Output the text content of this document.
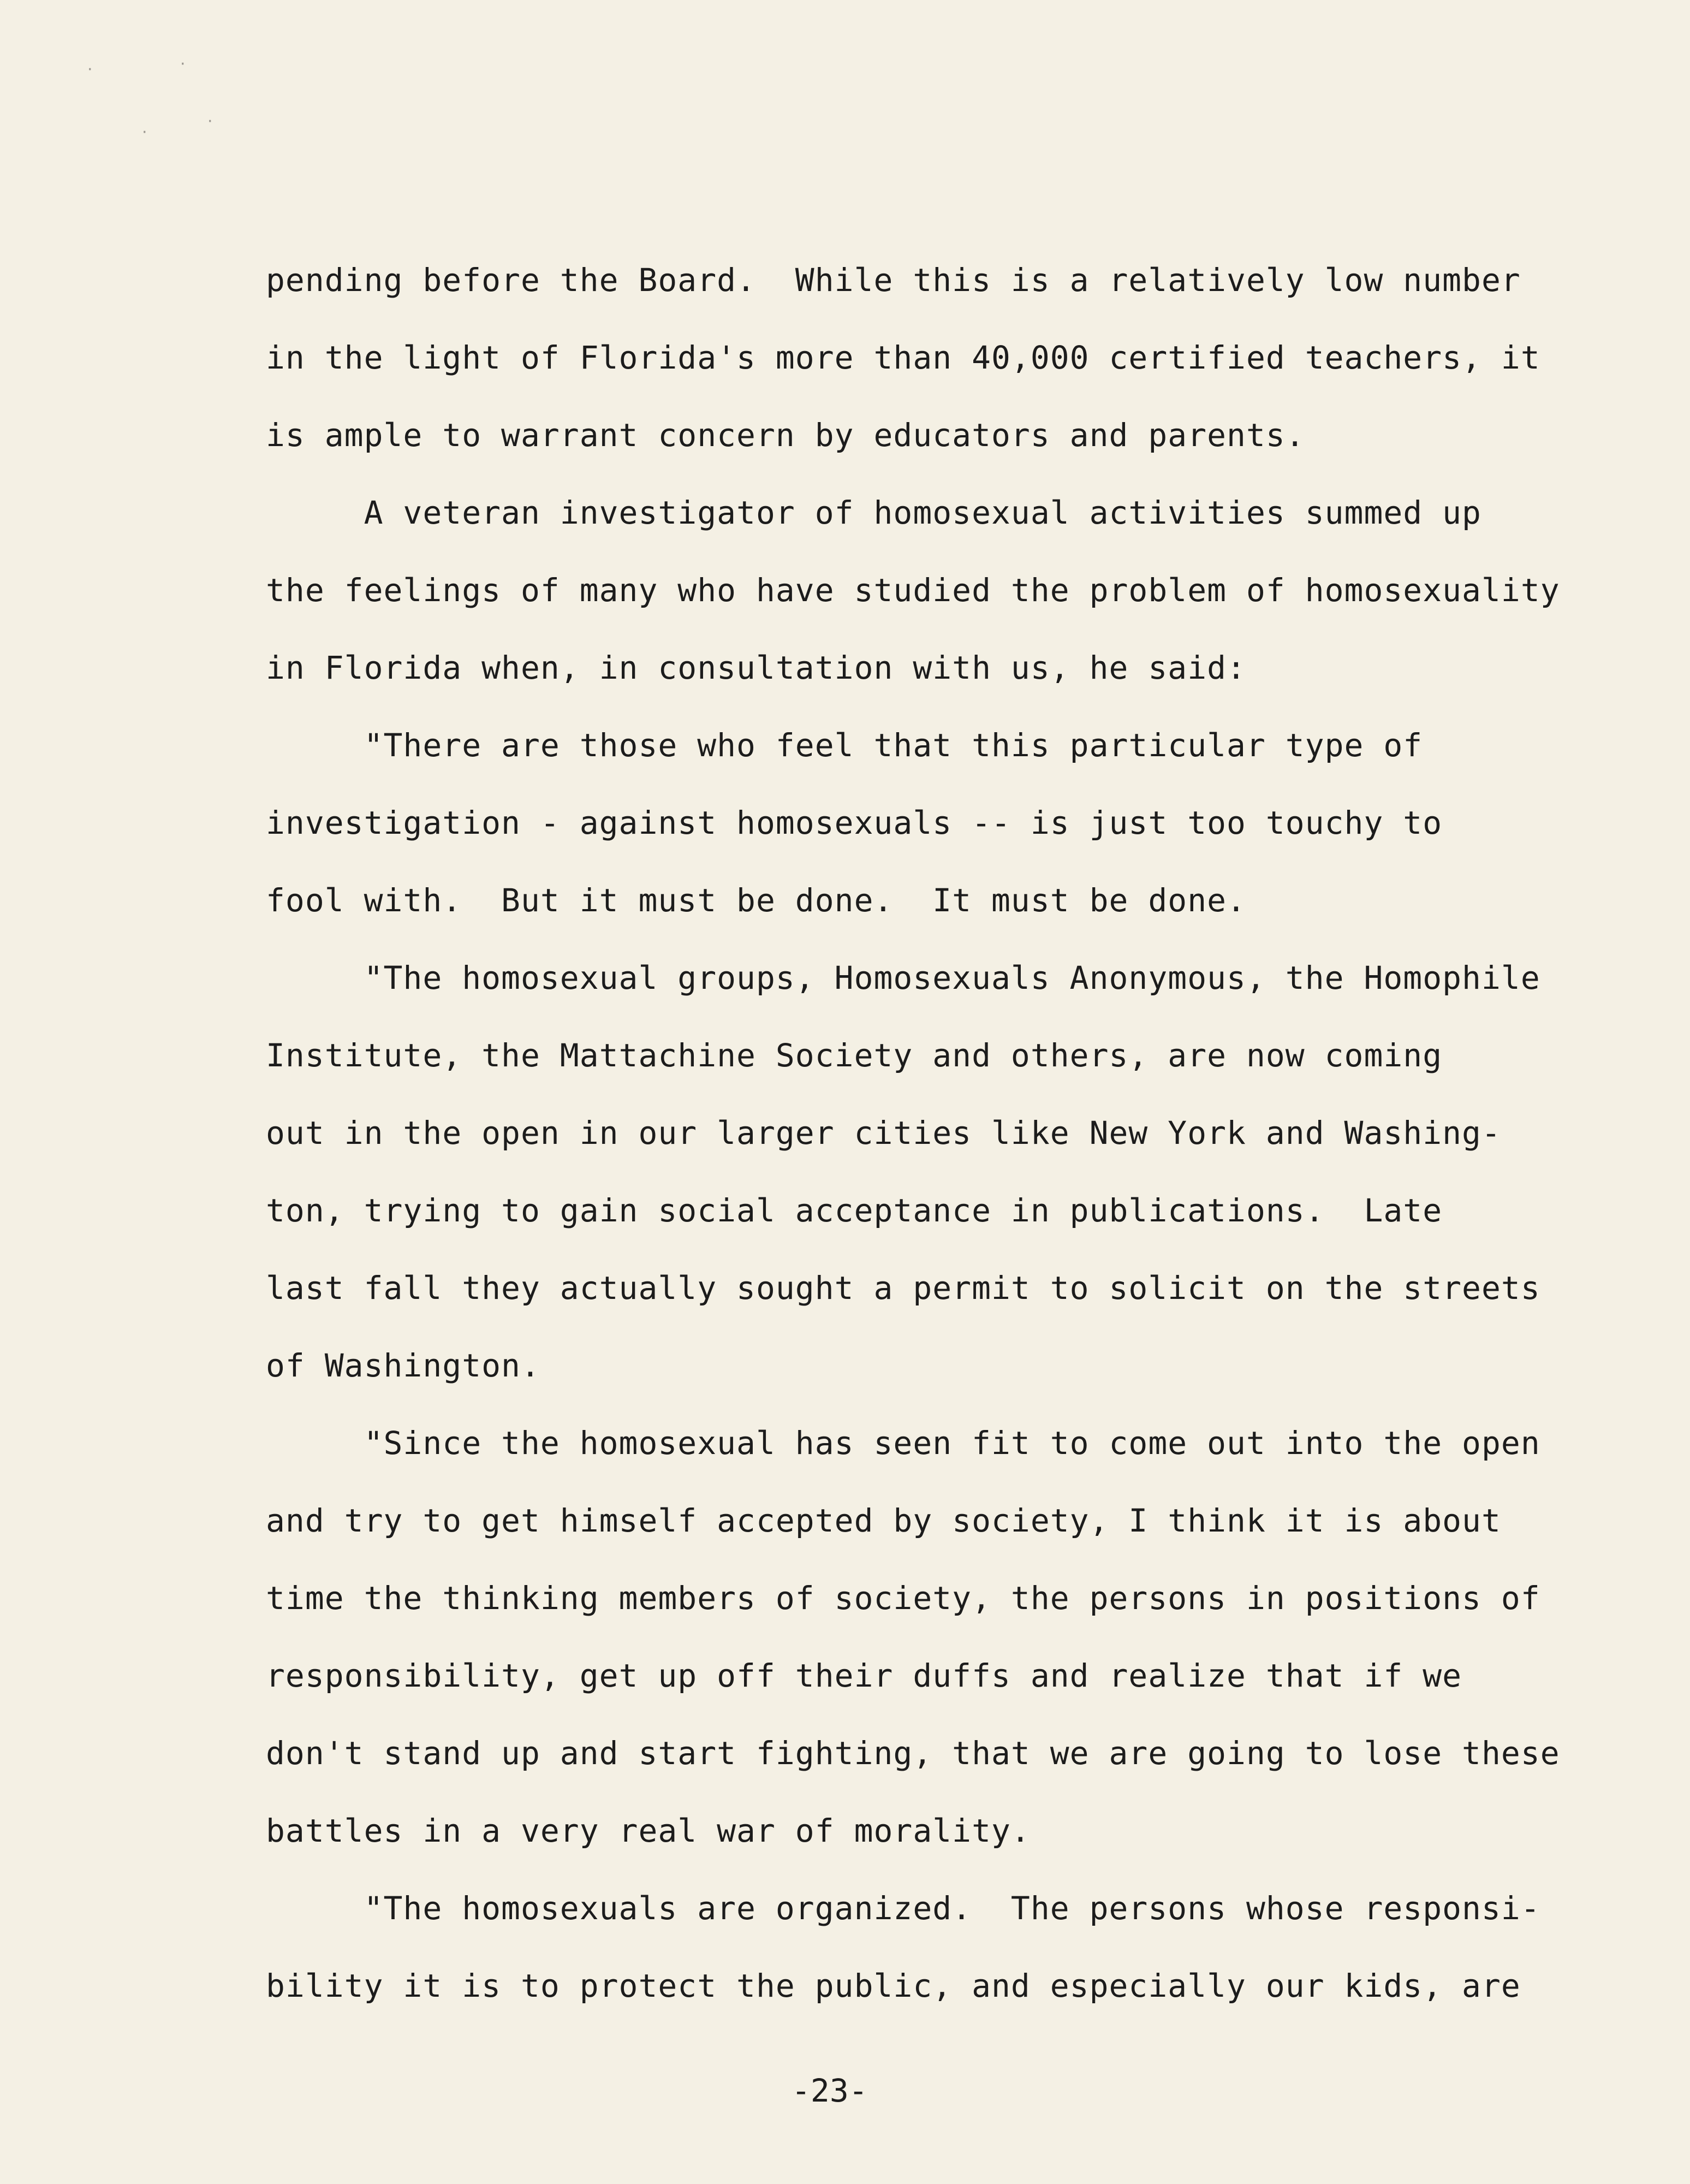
·	·
·
·
pending before the Board.  While this is a relatively low number
in the light of Florida's more than 40,000 certified teachers, it
is ample to warrant concern by educators and parents.
A veteran investigator of homosexual activities summed up
the feelings of many who have studied the problem of homosexuality
in Florida when, in consultation with us, he said:
"There are those who feel that this particular type of
investigation - against homosexuals -- is just too touchy to
fool with.  But it must be done.  It must be done.
"The homosexual groups, Homosexuals Anonymous, the Homophile
Institute, the Mattachine Society and others, are now coming
out in the open in our larger cities like New York and Washing-
ton, trying to gain social acceptance in publications.  Late
last fall they actually sought a permit to solicit on the streets
of Washington.
"Since the homosexual has seen fit to come out into the open
and try to get himself accepted by society, I think it is about
time the thinking members of society, the persons in positions of
responsibility, get up off their duffs and realize that if we
don't stand up and start fighting, that we are going to lose these
battles in a very real war of morality.
"The homosexuals are organized.  The persons whose responsi-
bility it is to protect the public, and especially our kids, are
-23-
